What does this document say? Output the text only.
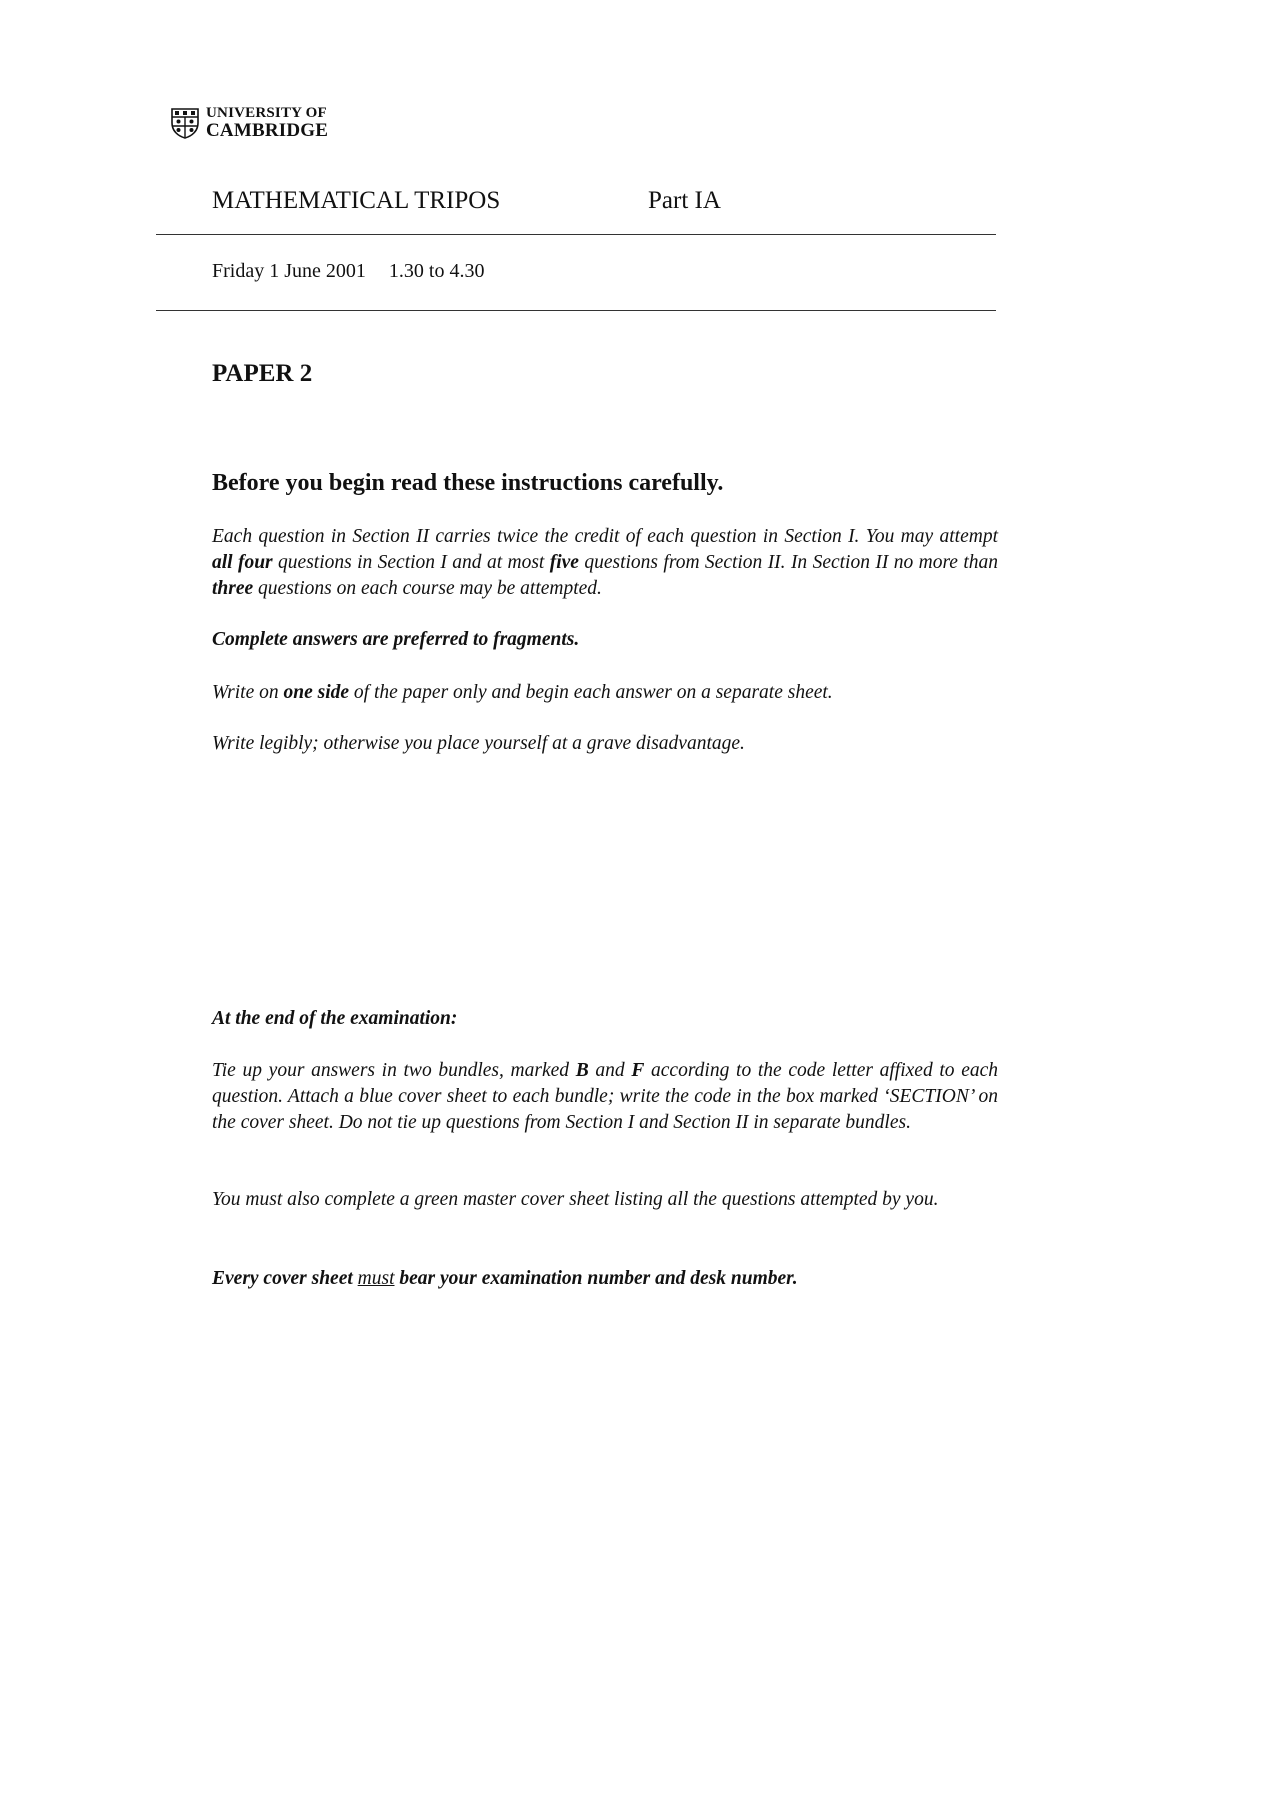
UNIVERSITY OF
CAMBRIDGE
MATHEMATICAL TRIPOS	Part IA
Friday 1 June 2001 1.30 to 4.30
PAPER 2
Before you begin read these instructions carefully.
Each question in Section II carries twice the credit of each question in Section I. You may attempt all four questions in Section I and at most five questions from Section II. In Section II no more than three questions on each course may be attempted.
Complete answers are preferred to fragments.
Write on one side of the paper only and begin each answer on a separate sheet.
Write legibly; otherwise you place yourself at a grave disadvantage.
At the end of the examination:
Tie up your answers in two bundles, marked B and F according to the code letter affixed to each question. Attach a blue cover sheet to each bundle; write the code in the box marked ‘SECTION’ on the cover sheet. Do not tie up questions from Section I and Section II in separate bundles.
You must also complete a green master cover sheet listing all the questions attempted by you.
Every cover sheet must bear your examination number and desk number.
